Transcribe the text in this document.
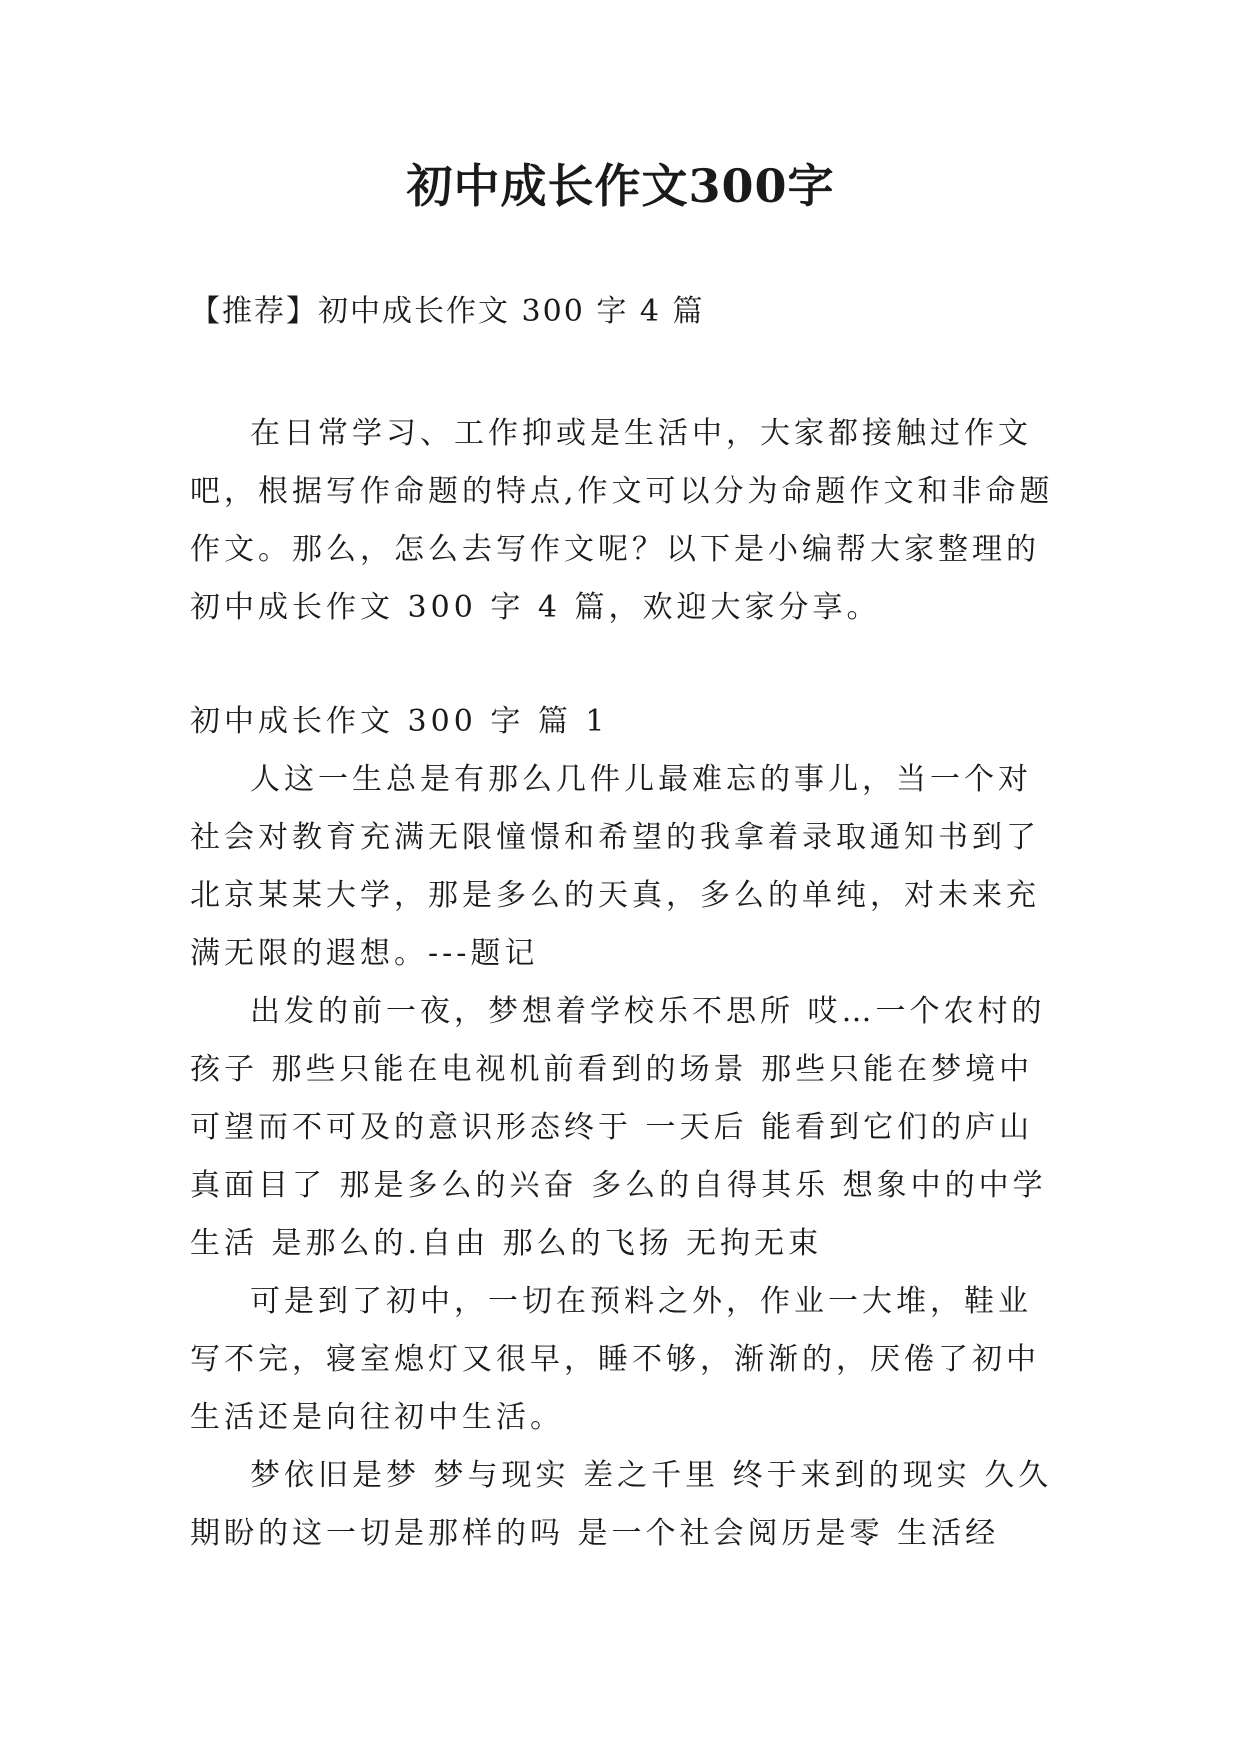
初中成长作文300字
【推荐】初中成长作文 300 字 4 篇

在日常学习、工作抑或是生活中，大家都接触过作文吧，根据写作命题的特点,作文可以分为命题作文和非命题作文。那么，怎么去写作文呢？以下是小编帮大家整理的初中成长作文 300 字 4 篇，欢迎大家分享。

初中成长作文 300 字 篇 1

人这一生总是有那么几件儿最难忘的事儿，当一个对社会对教育充满无限憧憬和希望的我拿着录取通知书到了北京某某大学，那是多么的天真，多么的单纯，对未来充满无限的遐想。---题记

出发的前一夜，梦想着学校乐不思所 哎…一个农村的孩子 那些只能在电视机前看到的场景 那些只能在梦境中可望而不可及的意识形态终于 一天后 能看到它们的庐山真面目了 那是多么的兴奋 多么的自得其乐 想象中的中学生活 是那么的.自由 那么的飞扬 无拘无束

可是到了初中，一切在预料之外，作业一大堆，鞋业写不完，寝室熄灯又很早，睡不够，渐渐的，厌倦了初中生活还是向往初中生活。

梦依旧是梦 梦与现实 差之千里 终于来到的现实 久久期盼的这一切是那样的吗 是一个社会阅历是零 生活经
